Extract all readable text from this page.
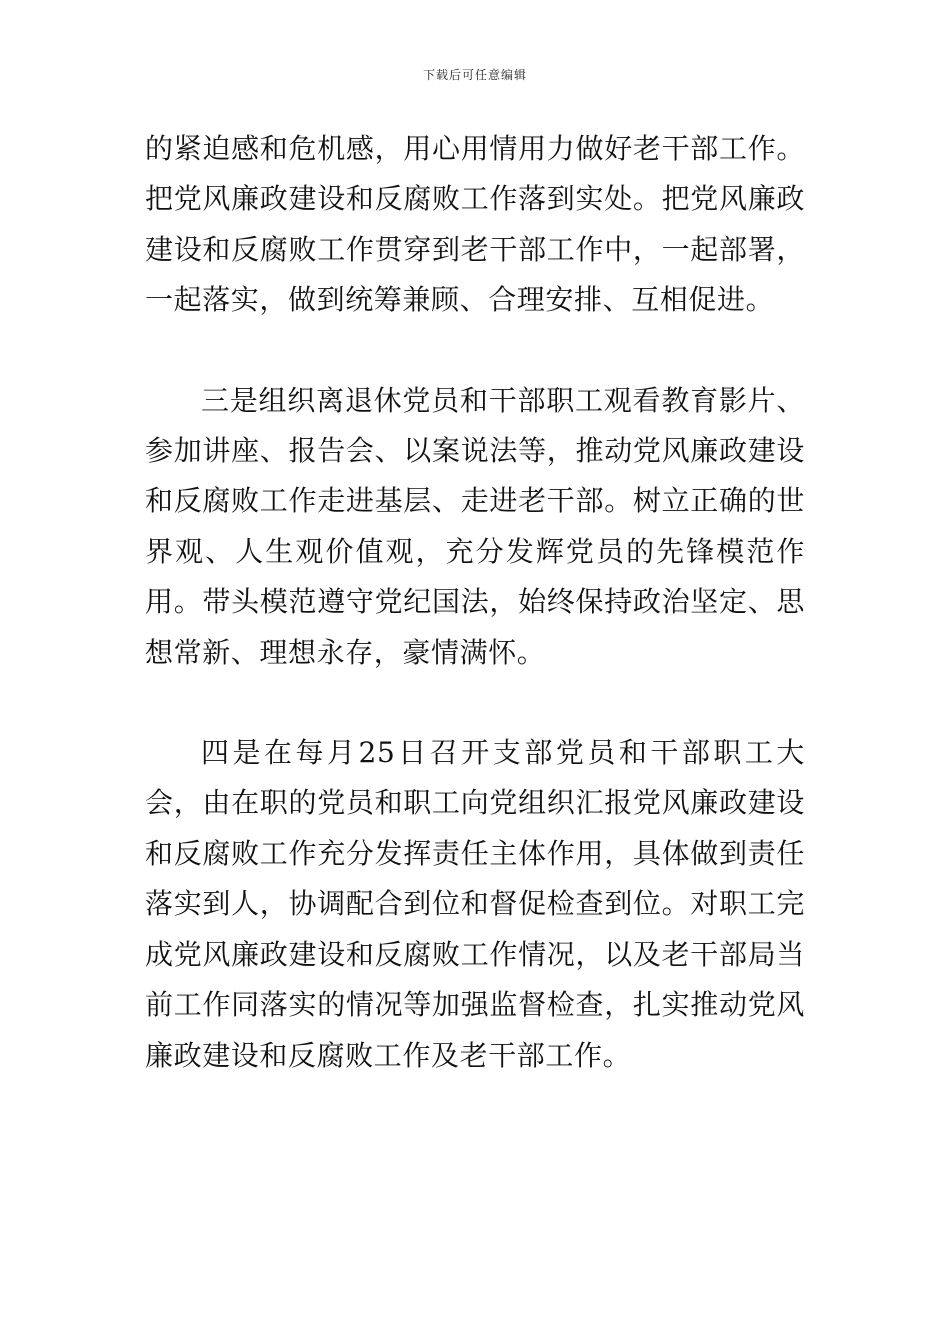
下载后可任意编辑

的紧迫感和危机感，用心用情用力做好老干部工作。把党风廉政建设和反腐败工作落到实处。把党风廉政建设和反腐败工作贯穿到老干部工作中，一起部署，一起落实，做到统筹兼顾、合理安排、互相促进。

三是组织离退休党员和干部职工观看教育影片、参加讲座、报告会、以案说法等，推动党风廉政建设和反腐败工作走进基层、走进老干部。树立正确的世界观、人生观价值观，充分发辉党员的先锋模范作用。带头模范遵守党纪国法，始终保持政治坚定、思想常新、理想永存，豪情满怀。

四是在每月25日召开支部党员和干部职工大会，由在职的党员和职工向党组织汇报党风廉政建设和反腐败工作充分发挥责任主体作用，具体做到责任落实到人，协调配合到位和督促检查到位。对职工完成党风廉政建设和反腐败工作情况，以及老干部局当前工作同落实的情况等加强监督检查，扎实推动党风廉政建设和反腐败工作及老干部工作。
